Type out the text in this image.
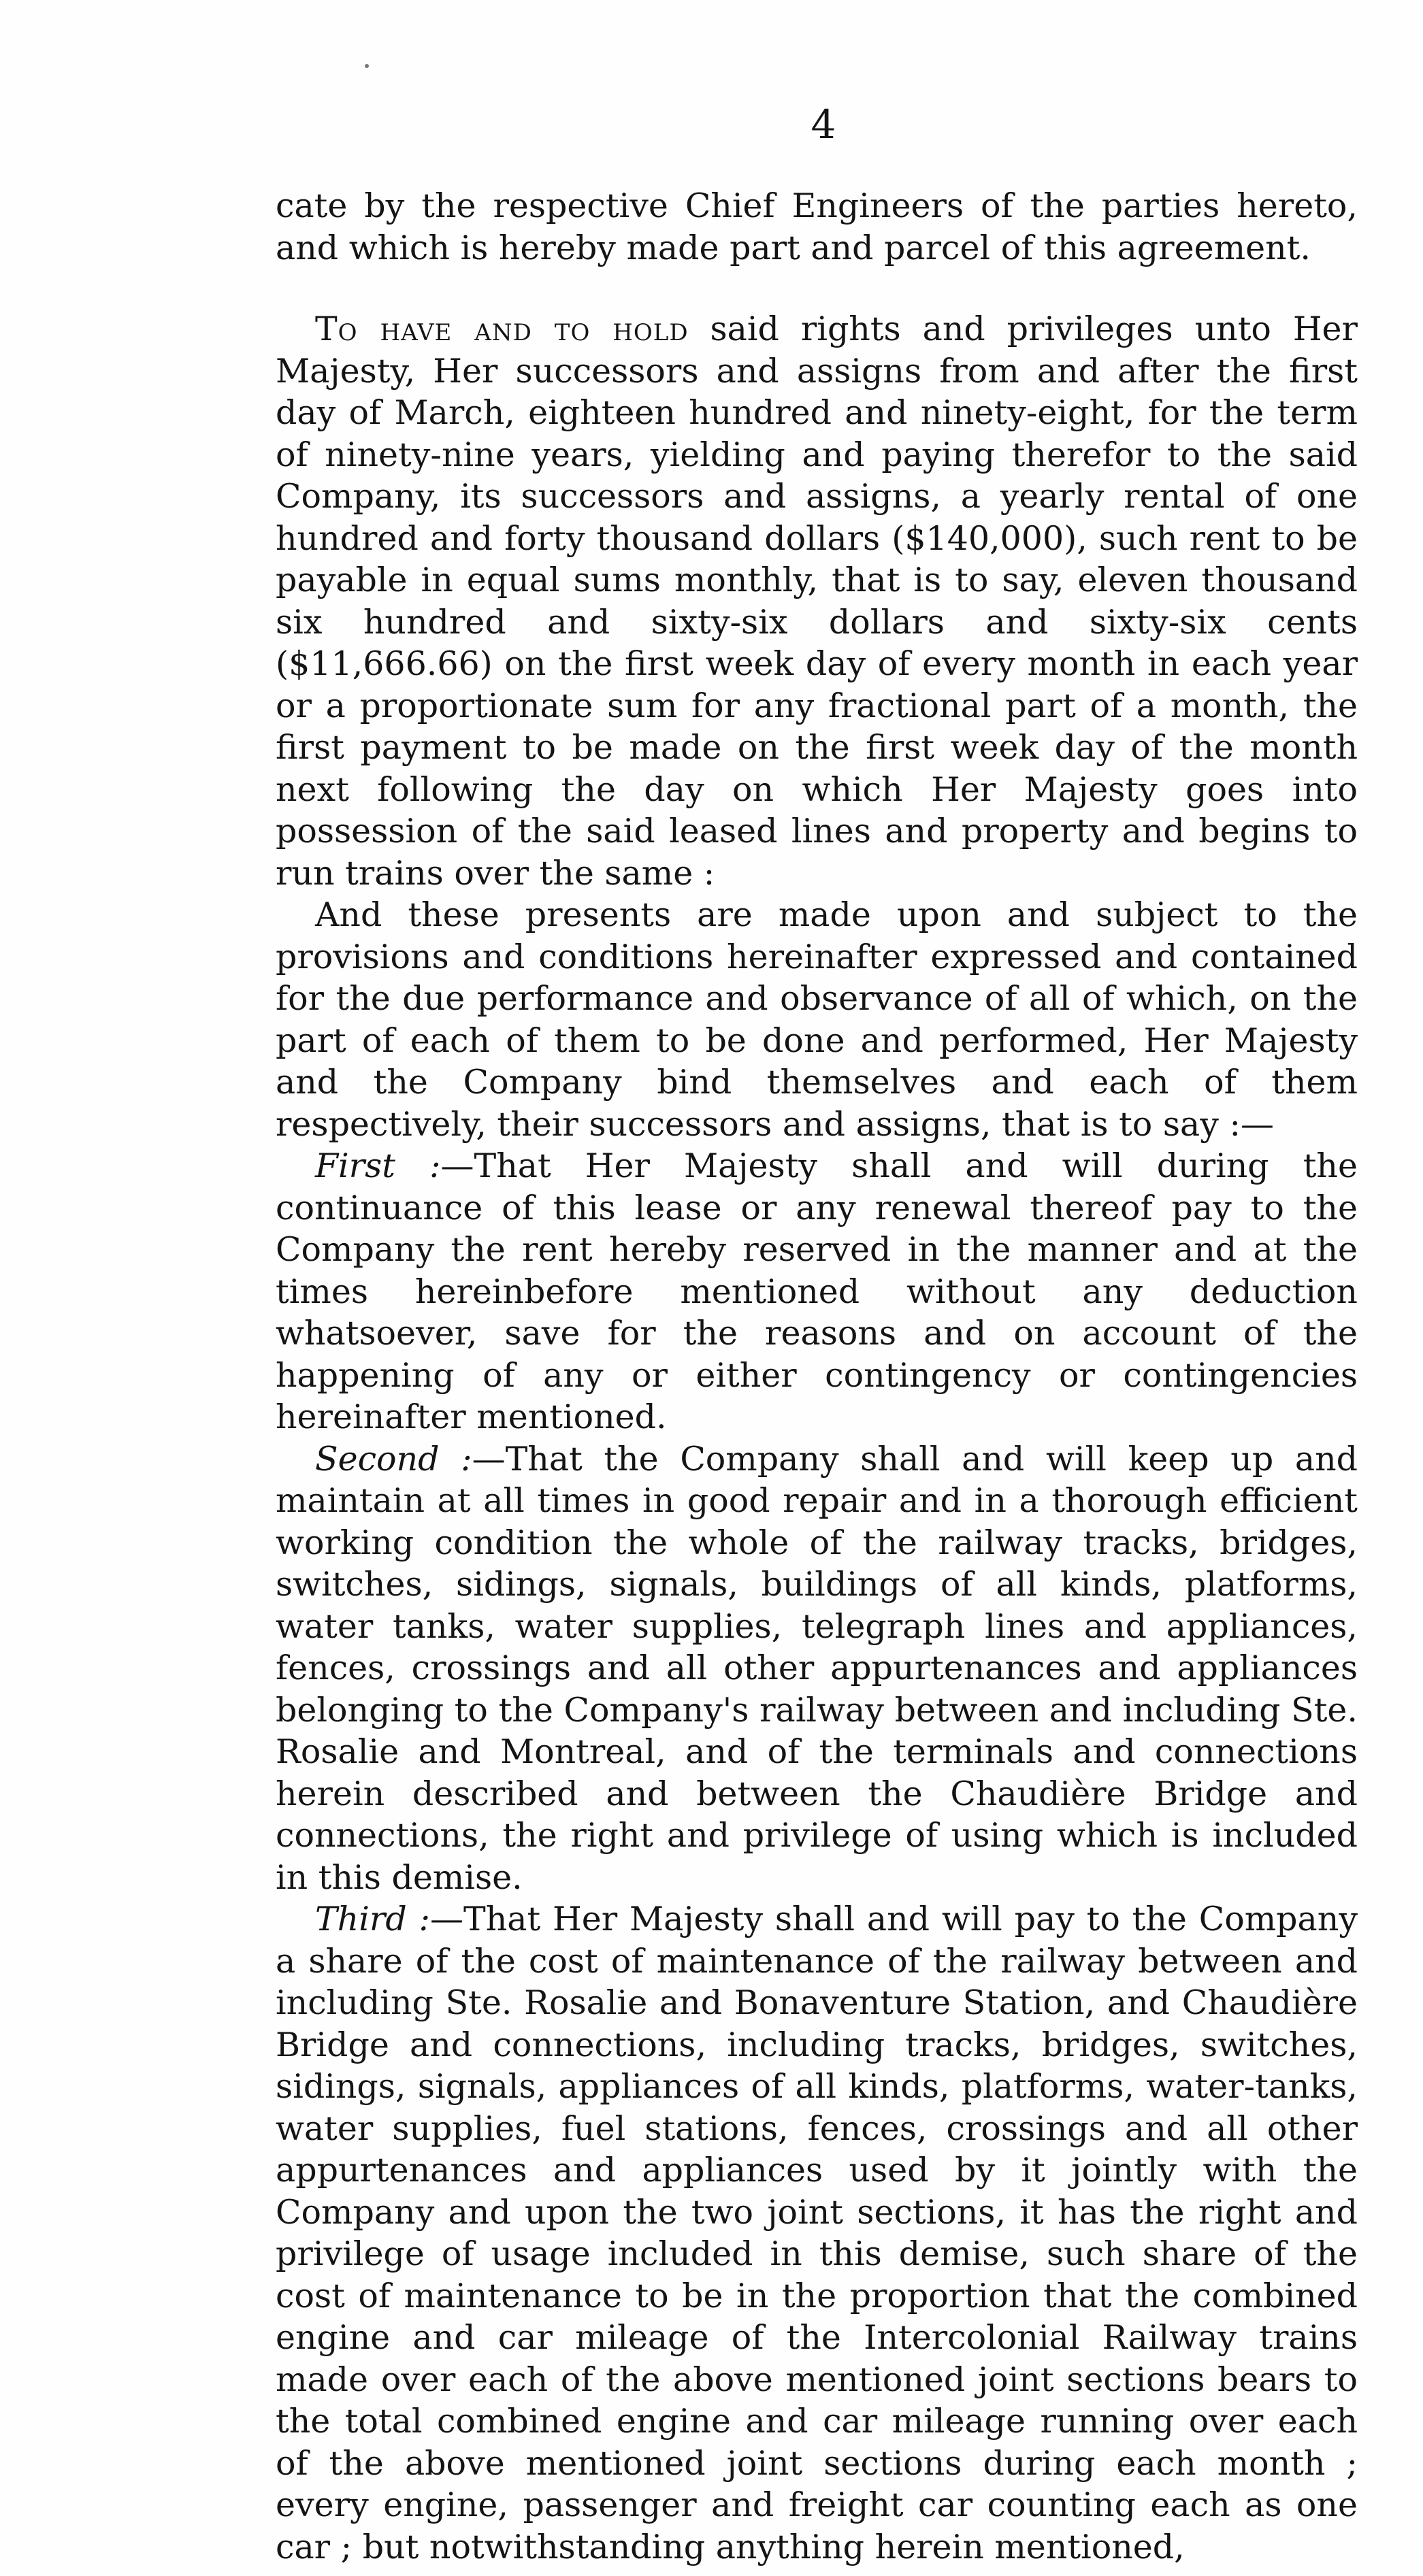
4

cate by the respective Chief Engineers of the parties hereto, and which is hereby made part and parcel of this agreement.

To have and to hold said rights and privileges unto Her Majesty, Her successors and assigns from and after the first day of March, eighteen hundred and ninety-eight, for the term of ninety-nine years, yielding and paying therefor to the said Company, its successors and assigns, a yearly rental of one hundred and forty thousand dollars ($140,000), such rent to be payable in equal sums monthly, that is to say, eleven thousand six hundred and sixty-six dollars and sixty-six cents ($11,666.66) on the first week day of every month in each year or a proportionate sum for any fractional part of a month, the first payment to be made on the first week day of the month next following the day on which Her Majesty goes into possession of the said leased lines and property and begins to run trains over the same :

And these presents are made upon and subject to the provisions and conditions hereinafter expressed and contained for the due performance and observance of all of which, on the part of each of them to be done and performed, Her Majesty and the Company bind themselves and each of them respectively, their successors and assigns, that is to say :—

First :—That Her Majesty shall and will during the continuance of this lease or any renewal thereof pay to the Company the rent hereby reserved in the manner and at the times hereinbefore mentioned without any deduction whatsoever, save for the reasons and on account of the happening of any or either contingency or contingencies hereinafter mentioned.

Second :—That the Company shall and will keep up and maintain at all times in good repair and in a thorough efficient working condition the whole of the railway tracks, bridges, switches, sidings, signals, buildings of all kinds, platforms, water tanks, water supplies, telegraph lines and appliances, fences, crossings and all other appurtenances and appliances belonging to the Company's railway between and including Ste. Rosalie and Montreal, and of the terminals and connections herein described and between the Chaudière Bridge and connections, the right and privilege of using which is included in this demise.

Third :—That Her Majesty shall and will pay to the Company a share of the cost of maintenance of the railway between and including Ste. Rosalie and Bonaventure Station, and Chaudière Bridge and connections, including tracks, bridges, switches, sidings, signals, appliances of all kinds, platforms, water-tanks, water supplies, fuel stations, fences, crossings and all other appurtenances and appliances used by it jointly with the Company and upon the two joint sections, it has the right and privilege of usage included in this demise, such share of the cost of maintenance to be in the proportion that the combined engine and car mileage of the Intercolonial Railway trains made over each of the above mentioned joint sections bears to the total combined engine and car mileage running over each of the above mentioned joint sections during each month ; every engine, passenger and freight car counting each as one car ; but notwithstanding anything herein mentioned,
